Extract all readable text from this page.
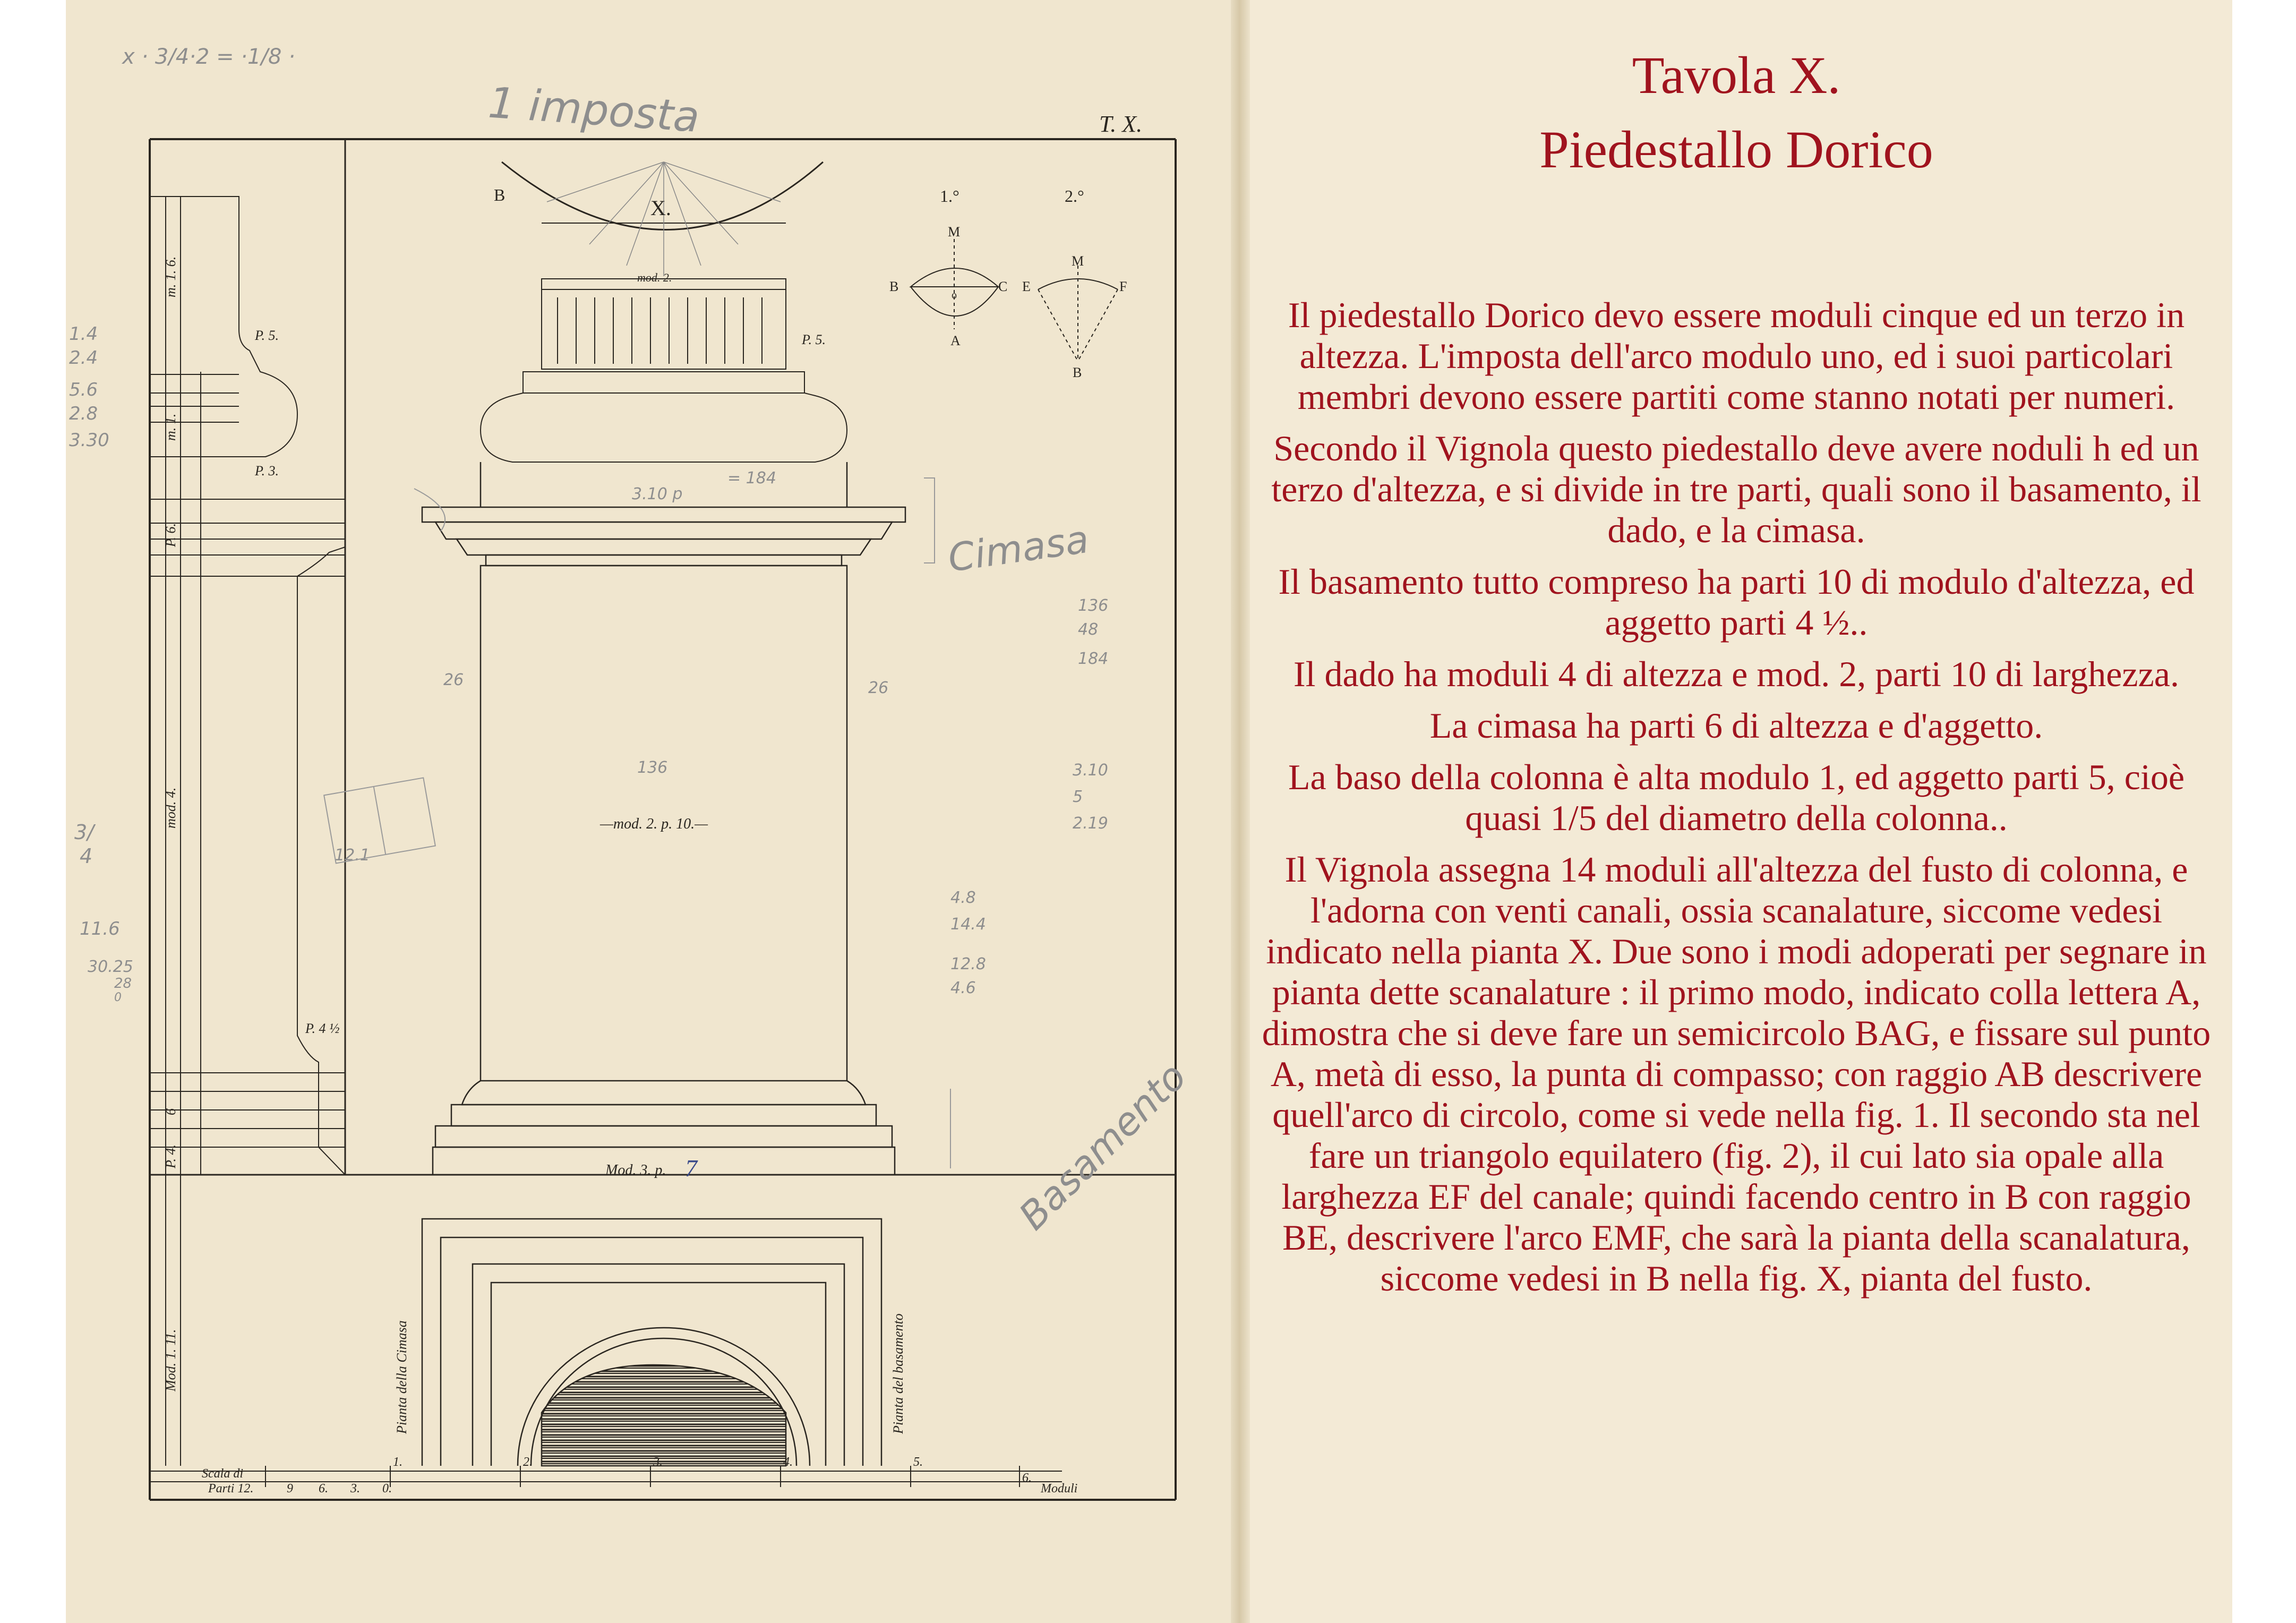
m. 1. 6.
m. 1.
P. 6.
mod. 4.
6
P. 4.
Mod. 1. 11.
P. 5.
P. 3.
P. 4 ½
T. X.
X.
B
mod. 2.
P. 5.
—mod. 2. p. 10.—
Mod. 3. p. 7
1.°	2.°
M
B	C
A
o
E
M
F
B
Pianta della Cimasa	Pianta del basamento
Scala di
Parti 12.	9 6. 3. 0.
1.	2.	3.	4.	5.
6.
Moduli
x · 3/4·2 = ·1/8 ·
1 imposta
Cimasa
Basamento
1.4
2.4
5.6
2.8
3.30
3/
4
11.6
30.25
28
0
3.10 p
= 184
26
136
26
12.1
4.8
14.4
12.8
4.6
136
48
184
3.10
5
2.19
Tavola X.
Piedestallo Dorico

Il piedestallo Dorico devo essere moduli cinque ed un terzo in altezza. L'imposta dell'arco modulo uno, ed i suoi particolari membri devono essere partiti come stanno notati per numeri.

Secondo il Vignola questo piedestallo deve avere noduli h ed un terzo d'altezza, e si divide in tre parti, quali sono il basamento, il dado, e la cimasa.

Il basamento tutto compreso ha parti 10 di modulo d'altezza, ed aggetto parti 4 ½..

Il dado ha moduli 4 di altezza e mod. 2, parti 10 di larghezza.

La cimasa ha parti 6 di altezza e d'aggetto.

La baso della colonna è alta modulo 1, ed aggetto parti 5, cioè quasi 1/5 del diametro della colonna..

Il Vignola assegna 14 moduli all'altezza del fusto di colonna, e l'adorna con venti canali, ossia scanalature, siccome vedesi indicato nella pianta X. Due sono i modi adoperati per segnare in pianta dette scanalature : il primo modo, indicato colla lettera A, dimostra che si deve fare un semicircolo BAG, e fissare sul punto A, metà di esso, la punta di compasso; con raggio AB descrivere quell'arco di circolo, come si vede nella fig. 1. Il secondo sta nel fare un triangolo equilatero (fig. 2), il cui lato sia opale alla larghezza EF del canale; quindi facendo centro in B con raggio BE, descrivere l'arco EMF, che sarà la pianta della scanalatura, siccome vedesi in B nella fig. X, pianta del fusto.
